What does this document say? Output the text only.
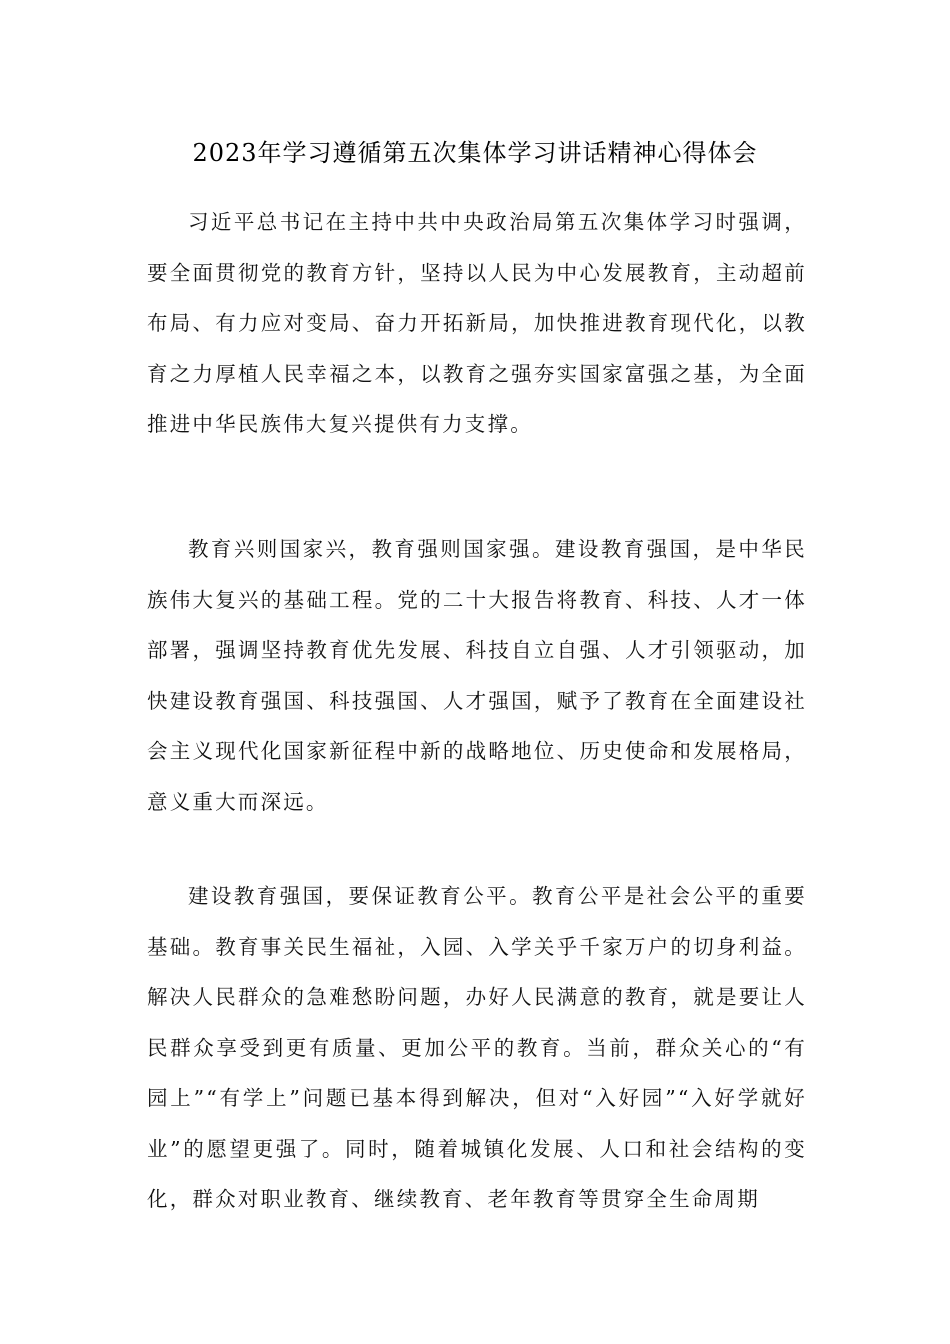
2023年学习遵循第五次集体学习讲话精神心得体会

习近平总书记在主持中共中央政治局第五次集体学习时强调，要全面贯彻党的教育方针，坚持以人民为中心发展教育，主动超前布局、有力应对变局、奋力开拓新局，加快推进教育现代化，以教育之力厚植人民幸福之本，以教育之强夯实国家富强之基，为全面推进中华民族伟大复兴提供有力支撑。

教育兴则国家兴，教育强则国家强。建设教育强国，是中华民族伟大复兴的基础工程。党的二十大报告将教育、科技、人才一体部署，强调坚持教育优先发展、科技自立自强、人才引领驱动，加快建设教育强国、科技强国、人才强国，赋予了教育在全面建设社会主义现代化国家新征程中新的战略地位、历史使命和发展格局，意义重大而深远。

建设教育强国，要保证教育公平。教育公平是社会公平的重要基础。教育事关民生福祉，入园、入学关乎千家万户的切身利益。解决人民群众的急难愁盼问题，办好人民满意的教育，就是要让人民群众享受到更有质量、更加公平的教育。当前，群众关心的“有园上”“有学上”问题已基本得到解决，但对“入好园”“入好学就好业”的愿望更强了。同时，随着城镇化发展、人口和社会结构的变化，群众对职业教育、继续教育、老年教育等贯穿全生命周期
